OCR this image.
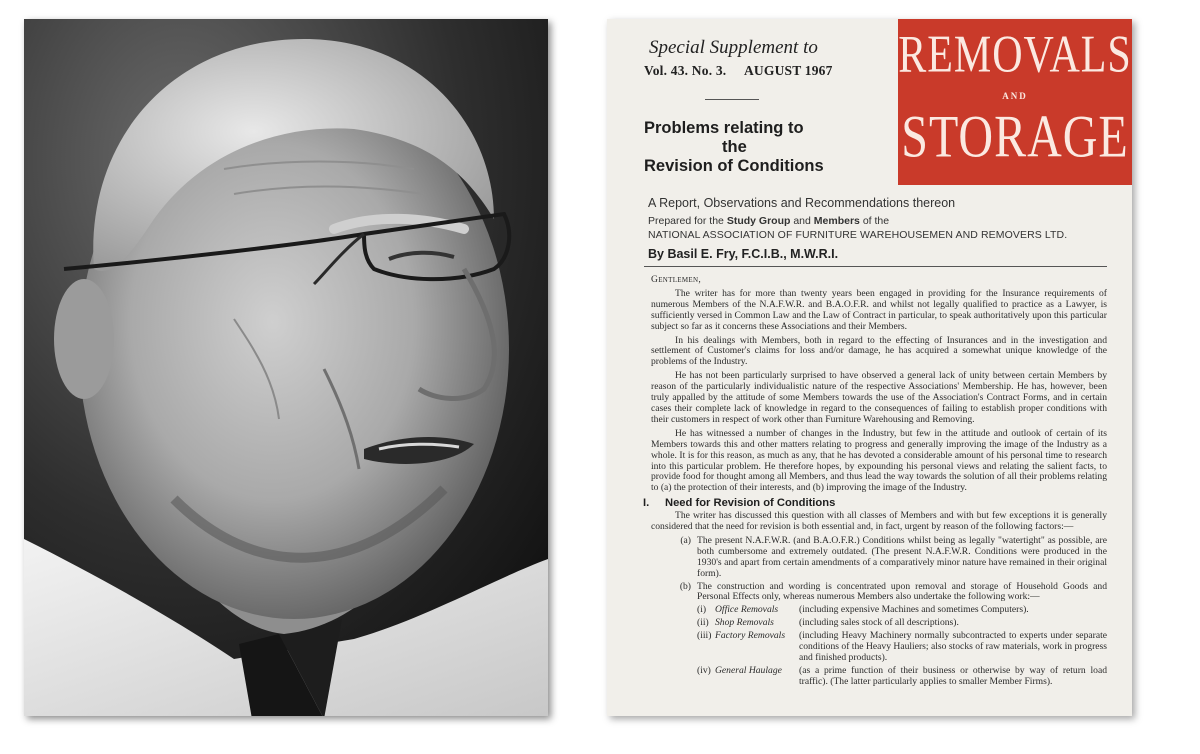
Special Supplement to
Vol. 43. No. 3. AUGUST 1967 REMOVALS
AND
STORAGE
Problems relating to
the
Revision of Conditions
A Report, Observations and Recommendations thereon
Prepared for the Study Group and Members of the
NATIONAL ASSOCIATION OF FURNITURE WAREHOUSEMEN AND REMOVERS LTD.
By Basil E. Fry, F.C.I.B., M.W.R.I.
Gentlemen,

The writer has for more than twenty years been engaged in providing for the Insurance requirements of numerous Members of the N.A.F.W.R. and B.A.O.F.R. and whilst not legally qualified to practice as a Lawyer, is sufficiently versed in Common Law and the Law of Contract in particular, to speak authoritatively upon this particular subject so far as it concerns these Associations and their Members.

In his dealings with Members, both in regard to the effecting of Insurances and in the investigation and settlement of Customer's claims for loss and/or damage, he has acquired a somewhat unique knowledge of the problems of the Industry.

He has not been particularly surprised to have observed a general lack of unity between certain Members by reason of the particularly individualistic nature of the respective Associations' Membership. He has, however, been truly appalled by the attitude of some Members towards the use of the Association's Contract Forms, and in certain cases their complete lack of knowledge in regard to the consequences of failing to establish proper conditions with their customers in respect of work other than Furniture Warehousing and Removing.

He has witnessed a number of changes in the Industry, but few in the attitude and outlook of certain of its Members towards this and other matters relating to progress and generally improving the image of the Industry as a whole. It is for this reason, as much as any, that he has devoted a considerable amount of his personal time to research into this particular problem. He therefore hopes, by expounding his personal views and relating the salient facts, to provide food for thought among all Members, and thus lead the way towards the solution of all their problems relating to (a) the protection of their interests, and (b) improving the image of the Industry.

I. Need for Revision of Conditions

The writer has discussed this question with all classes of Members and with but few exceptions it is generally considered that the need for revision is both essential and, in fact, urgent by reason of the following factors:—

(a) The present N.A.F.W.R. (and B.A.O.F.R.) Conditions whilst being as legally "watertight" as possible, are both cumbersome and extremely outdated. (The present N.A.F.W.R. Conditions were produced in the 1930's and apart from certain amendments of a comparatively minor nature have remained in their original form).
(b) The construction and wording is concentrated upon removal and storage of Household Goods and Personal Effects only, whereas numerous Members also undertake the following work:—
(i) Office Removals	(including expensive Machines and sometimes Computers).
(ii) Shop Removals	(including sales stock of all descriptions).
(iii) Factory Removals	(including Heavy Machinery normally subcontracted to experts under separate conditions of the Heavy Hauliers; also stocks of raw materials, work in progress and finished products).
(iv) General Haulage	(as a prime function of their business or otherwise by way of return load traffic). (The latter particularly applies to smaller Member Firms).
